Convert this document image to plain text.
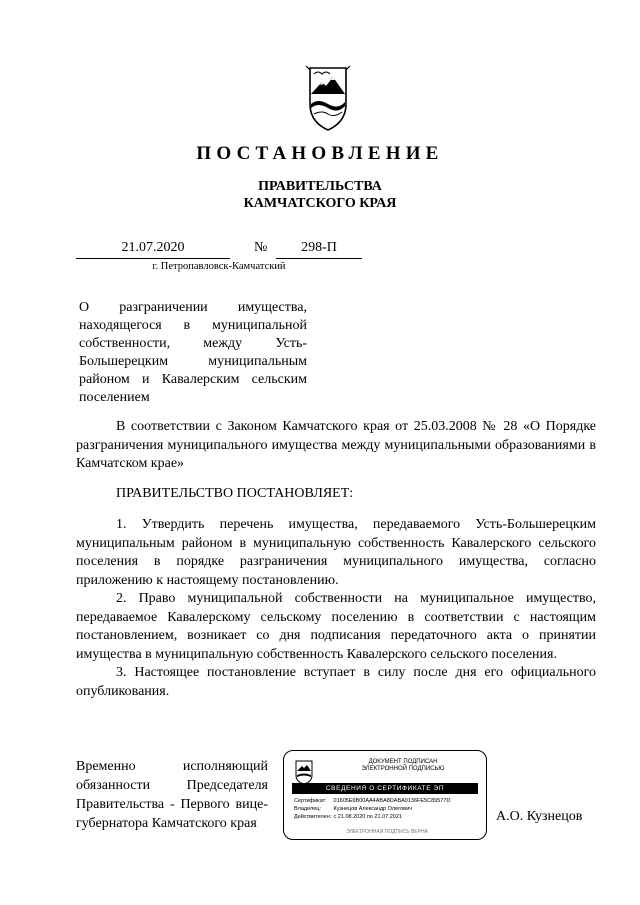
ПОСТАНОВЛЕНИЕ
ПРАВИТЕЛЬСТВА
КАМЧАТСКОГО КРАЯ
21.07.2020	№	298-П
г. Петропавловск-Камчатский
О разграничении имущества, находящегося в муниципальной собственности, между Усть-Большерецким муниципальным районом и Кавалерским сельским поселением
В соответствии с Законом Камчатского края от 25.03.2008 № 28 «О Порядке разграничения муниципального имущества между муниципальными образованиями в Камчатском крае»
ПРАВИТЕЛЬСТВО ПОСТАНОВЛЯЕТ:

1. Утвердить перечень имущества, передаваемого Усть-Большерецким муниципальным районом в муниципальную собственность Кавалерского сельского поселения в порядке разграничения муниципального имущества, согласно приложению к настоящему постановлению.

2. Право муниципальной собственности на муниципальное имущество, передаваемое Кавалерскому сельскому поселению в соответствии с настоящим постановлением, возникает со дня подписания передаточного акта о принятии имущества в муниципальную собственность Кавалерского сельского поселения.

3. Настоящее постановление вступает в силу после дня его официального опубликования.

Временно исполняющий
обязанности Председателя
Правительства - Первого вице-
губернатора Камчатского края
ДОКУМЕНТ ПОДПИСАН
ЭЛЕКТРОННОЙ ПОДПИСЬЮ
СВЕДЕНИЯ О СЕРТИФИКАТЕ ЭП
Сертификат: 01605E6B00AA4ABA8DABA0136FE5C89577D
Владелец: Кузнецов Александр Олегович
Действителен: с 21.08.2020 по 21.07.2021
ЭЛЕКТРОННАЯ ПОДПИСЬ ВЕРНА
А.О. Кузнецов
